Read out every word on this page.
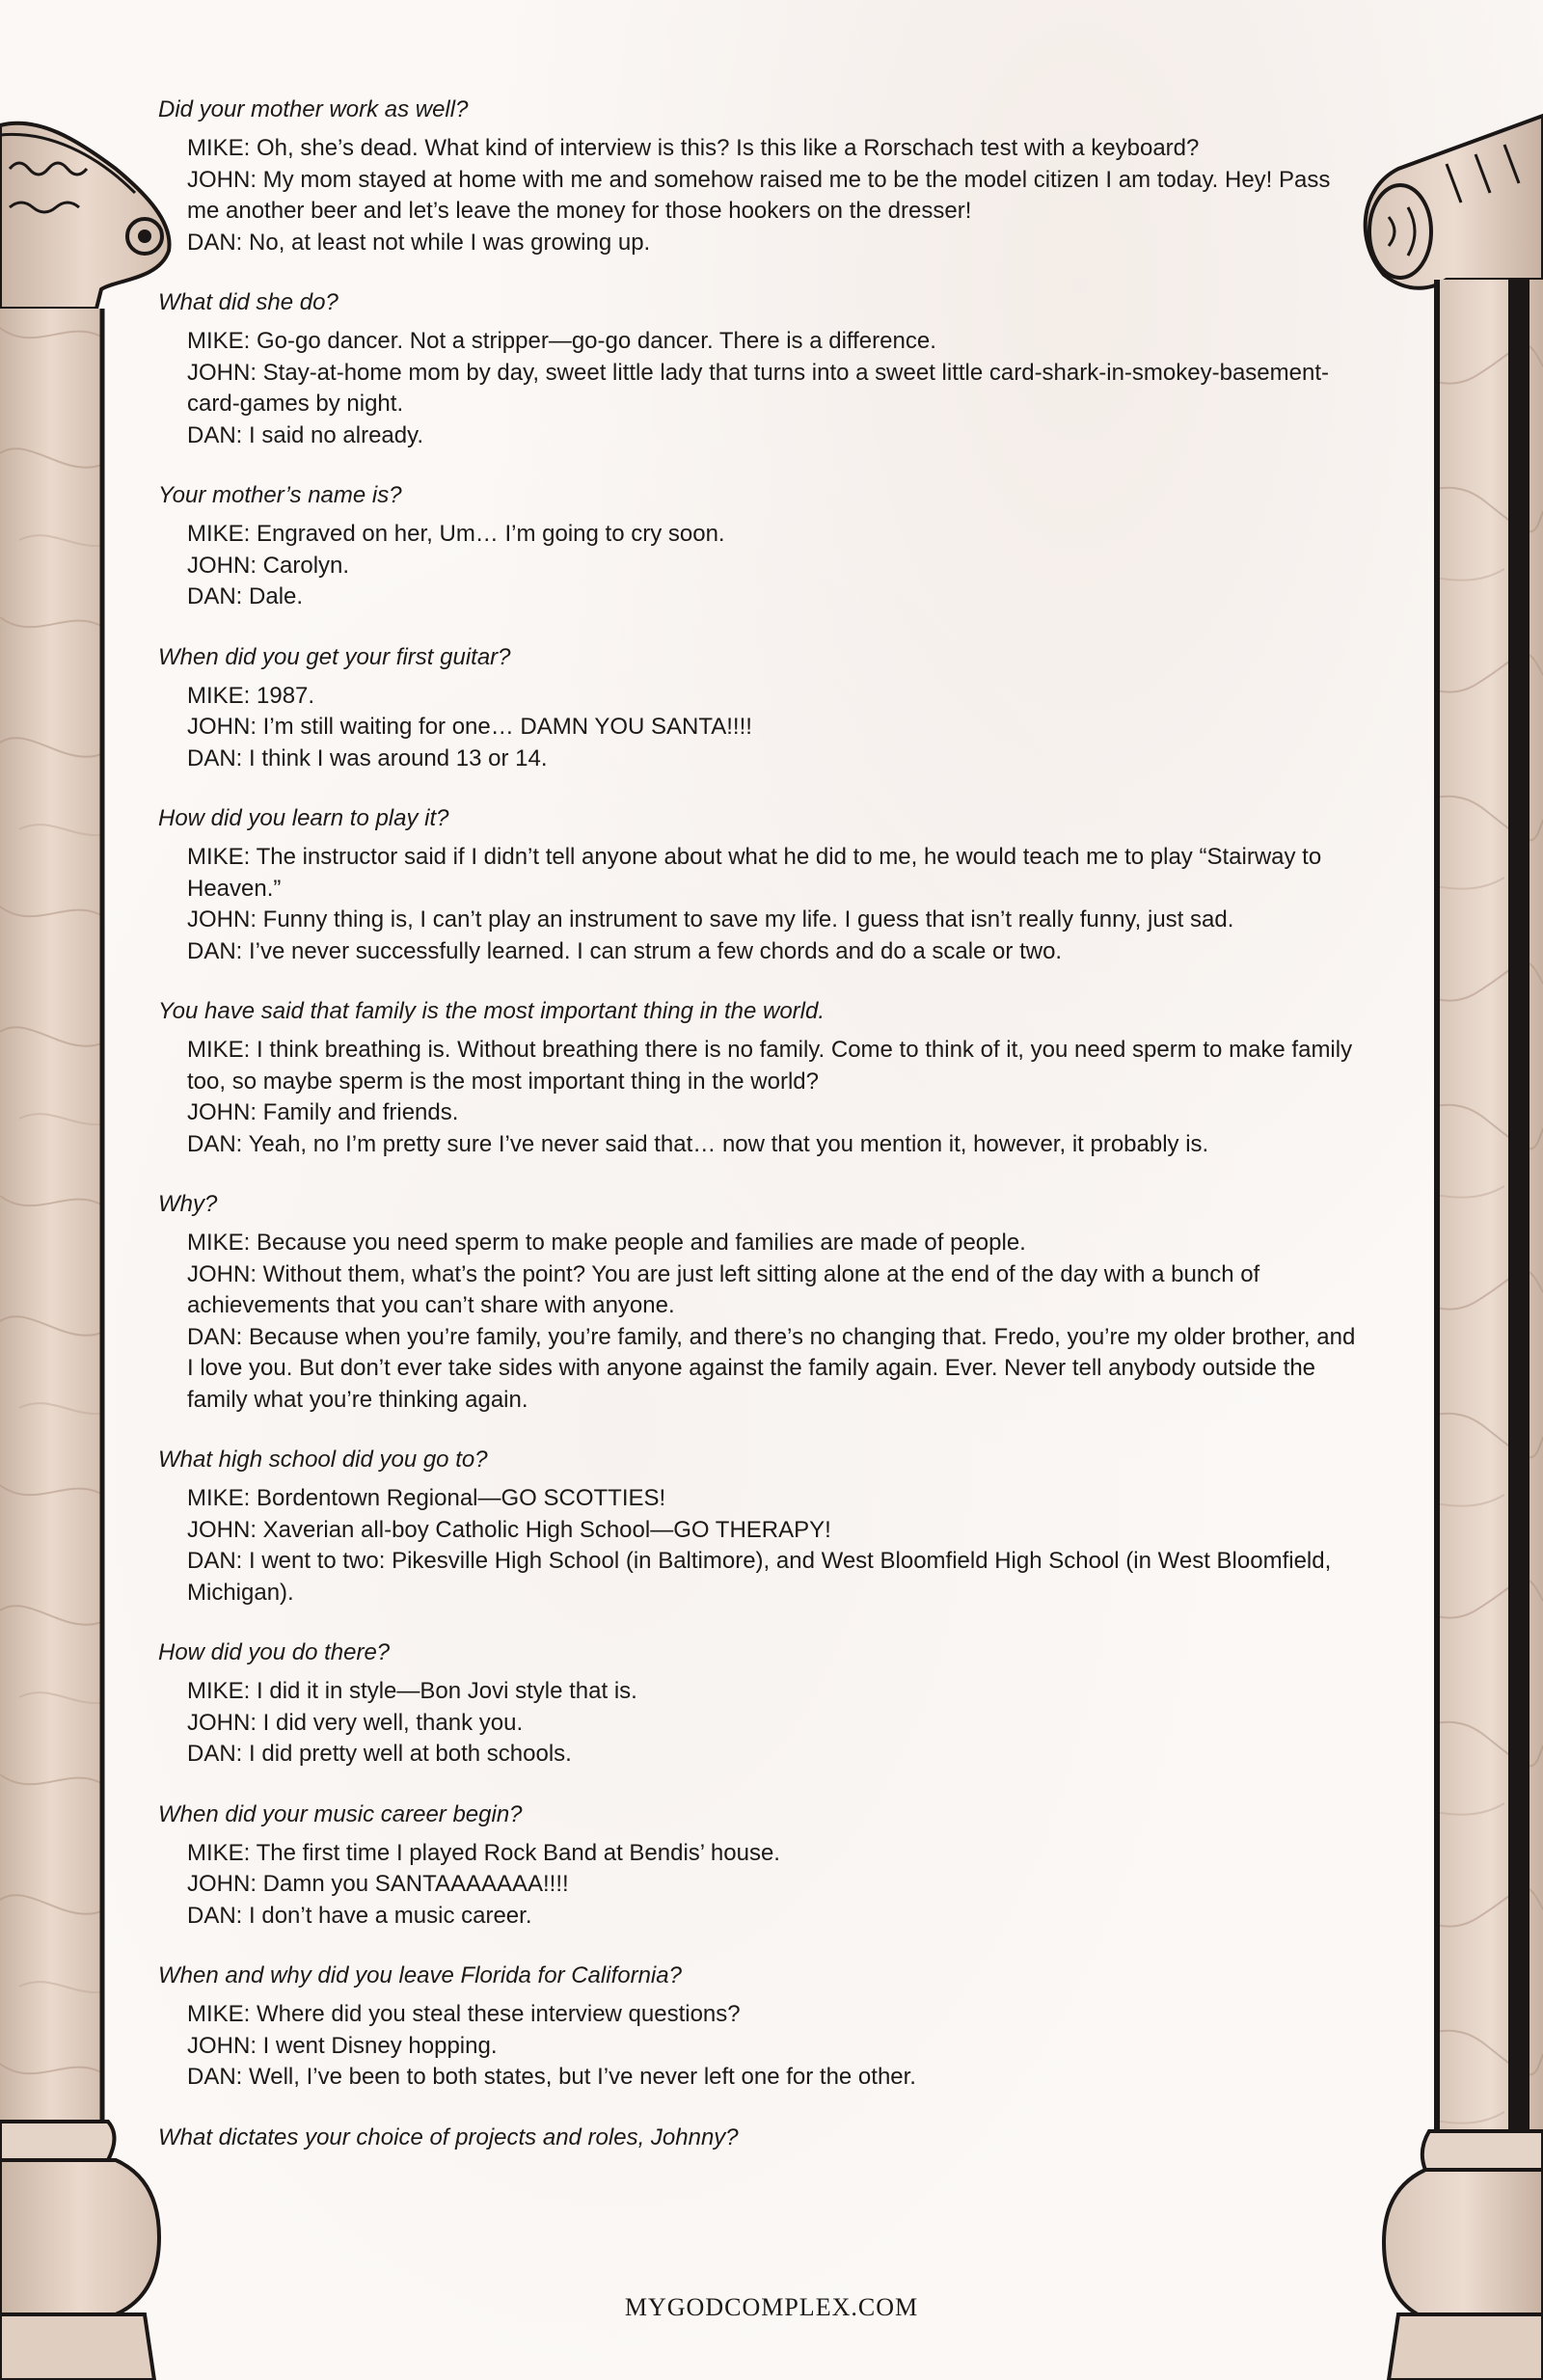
Did your mother work as well?

MIKE: Oh, she’s dead. What kind of interview is this? Is this like a Rorschach test with a keyboard?

JOHN: My mom stayed at home with me and somehow raised me to be the model citizen I am today. Hey! Pass me another beer and let’s leave the money for those hookers on the dresser!

DAN: No, at least not while I was growing up.

What did she do?

MIKE: Go-go dancer. Not a stripper—go-go dancer. There is a difference.

JOHN: Stay-at-home mom by day, sweet little lady that turns into a sweet little card-shark-in-smokey-basement-card-games by night.

DAN: I said no already.

Your mother’s name is?

MIKE: Engraved on her, Um… I’m going to cry soon.

JOHN: Carolyn.

DAN: Dale.

When did you get your first guitar?

MIKE: 1987.

JOHN: I’m still waiting for one… DAMN YOU SANTA!!!!

DAN: I think I was around 13 or 14.

How did you learn to play it?

MIKE: The instructor said if I didn’t tell anyone about what he did to me, he would teach me to play “Stairway to Heaven.”

JOHN: Funny thing is, I can’t play an instrument to save my life. I guess that isn’t really funny, just sad.

DAN: I’ve never successfully learned. I can strum a few chords and do a scale or two.

You have said that family is the most important thing in the world.

MIKE: I think breathing is. Without breathing there is no family. Come to think of it, you need sperm to make family too, so maybe sperm is the most important thing in the world?

JOHN: Family and friends.

DAN: Yeah, no I’m pretty sure I’ve never said that… now that you mention it, however, it probably is.

Why?

MIKE: Because you need sperm to make people and families are made of people.

JOHN: Without them, what’s the point? You are just left sitting alone at the end of the day with a bunch of achievements that you can’t share with anyone.

DAN: Because when you’re family, you’re family, and there’s no changing that. Fredo, you’re my older brother, and I love you. But don’t ever take sides with anyone against the family again. Ever. Never tell anybody outside the family what you’re thinking again.

What high school did you go to?

MIKE: Bordentown Regional—GO SCOTTIES!

JOHN: Xaverian all-boy Catholic High School—GO THERAPY!

DAN: I went to two: Pikesville High School (in Baltimore), and West Bloomfield High School (in West Bloomfield, Michigan).

How did you do there?

MIKE: I did it in style—Bon Jovi style that is.

JOHN: I did very well, thank you.

DAN: I did pretty well at both schools.

When did your music career begin?

MIKE: The first time I played Rock Band at Bendis’ house.

JOHN: Damn you SANTAAAAAAA!!!!

DAN: I don’t have a music career.

When and why did you leave Florida for California?

MIKE: Where did you steal these interview questions?

JOHN: I went Disney hopping.

DAN: Well, I’ve been to both states, but I’ve never left one for the other.

What dictates your choice of projects and roles, Johnny?

MYGODCOMPLEX.COM
